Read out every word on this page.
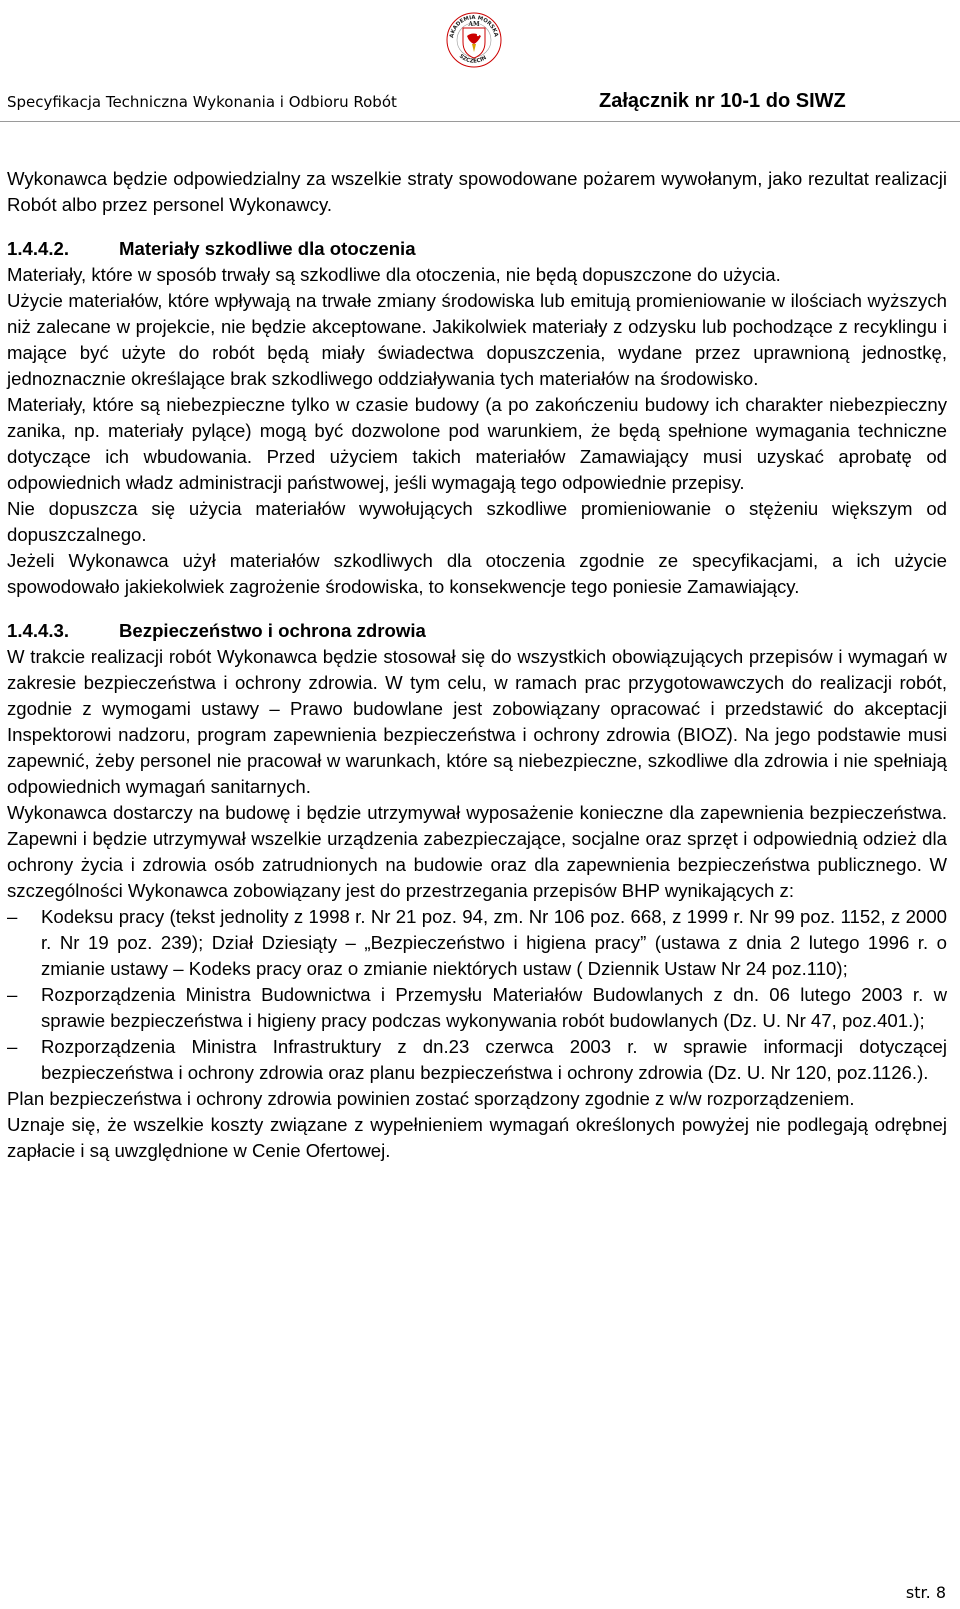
AKADEMIA MORSKA
SZCZECIN
AM
Specyfikacja Techniczna Wykonania i Odbioru Robót	Załącznik nr 10-1 do SIWZ

Wykonawca będzie odpowiedzialny za wszelkie straty spowodowane pożarem wywołanym, jako rezultat realizacji Robót albo przez personel Wykonawcy.

1.4.4.2.	Materiały szkodliwe dla otoczenia

Materiały, które w sposób trwały są szkodliwe dla otoczenia, nie będą dopuszczone do użycia.

Użycie materiałów, które wpływają na trwałe zmiany środowiska lub emitują promieniowanie w ilościach wyższych niż zalecane w projekcie, nie będzie akceptowane. Jakikolwiek materiały z odzysku lub pochodzące z recyklingu i mające być użyte do robót będą miały świadectwa dopuszczenia, wydane przez uprawnioną jednostkę, jednoznacznie określające brak szkodliwego oddziaływania tych materiałów na środowisko.

Materiały, które są niebezpieczne tylko w czasie budowy (a po zakończeniu budowy ich charakter niebezpieczny zanika, np. materiały pylące) mogą być dozwolone pod warunkiem, że będą spełnione wymagania techniczne dotyczące ich wbudowania. Przed użyciem takich materiałów Zamawiający musi uzyskać aprobatę od odpowiednich władz administracji państwowej, jeśli wymagają tego odpowiednie przepisy.

Nie dopuszcza się użycia materiałów wywołujących szkodliwe promieniowanie o stężeniu większym od dopuszczalnego.

Jeżeli Wykonawca użył materiałów szkodliwych dla otoczenia zgodnie ze specyfikacjami, a ich użycie spowodowało jakiekolwiek zagrożenie środowiska, to konsekwencje tego poniesie Zamawiający.

1.4.4.3.	Bezpieczeństwo i ochrona zdrowia

W trakcie realizacji robót Wykonawca będzie stosował się do wszystkich obowiązujących przepisów i wymagań w zakresie bezpieczeństwa i ochrony zdrowia. W tym celu, w ramach prac przygotowawczych do realizacji robót, zgodnie z wymogami ustawy – Prawo budowlane jest zobowiązany opracować i przedstawić do akceptacji Inspektorowi nadzoru, program zapewnienia bezpieczeństwa i ochrony zdrowia (BIOZ). Na jego podstawie musi zapewnić, żeby personel nie pracował w warunkach, które są niebezpieczne, szkodliwe dla zdrowia i nie spełniają odpowiednich wymagań sanitarnych.

Wykonawca dostarczy na budowę i będzie utrzymywał wyposażenie konieczne dla zapewnienia bezpieczeństwa. Zapewni i będzie utrzymywał wszelkie urządzenia zabezpieczające, socjalne oraz sprzęt i odpowiednią odzież dla ochrony życia i zdrowia osób zatrudnionych na budowie oraz dla zapewnienia bezpieczeństwa publicznego. W szczególności Wykonawca zobowiązany jest do przestrzegania przepisów BHP wynikających z:

– Kodeksu pracy (tekst jednolity z 1998 r. Nr 21 poz. 94, zm. Nr 106 poz. 668, z 1999 r. Nr 99 poz. 1152, z 2000 r. Nr 19 poz. 239); Dział Dziesiąty – „Bezpieczeństwo i higiena pracy” (ustawa z dnia 2 lutego 1996 r. o zmianie ustawy – Kodeks pracy oraz o zmianie niektórych ustaw ( Dziennik Ustaw Nr 24 poz.110);
– Rozporządzenia Ministra Budownictwa i Przemysłu Materiałów Budowlanych z dn. 06 lutego 2003 r. w sprawie bezpieczeństwa i higieny pracy podczas wykonywania robót budowlanych (Dz. U. Nr 47, poz.401.);
– Rozporządzenia Ministra Infrastruktury z dn.23 czerwca 2003 r. w sprawie informacji dotyczącej bezpieczeństwa i ochrony zdrowia oraz planu bezpieczeństwa i ochrony zdrowia (Dz. U. Nr 120, poz.1126.).

Plan bezpieczeństwa i ochrony zdrowia powinien zostać sporządzony zgodnie z w/w rozporządzeniem.

Uznaje się, że wszelkie koszty związane z wypełnieniem wymagań określonych powyżej nie podlegają odrębnej zapłacie i są uwzględnione w Cenie Ofertowej.

str. 8
